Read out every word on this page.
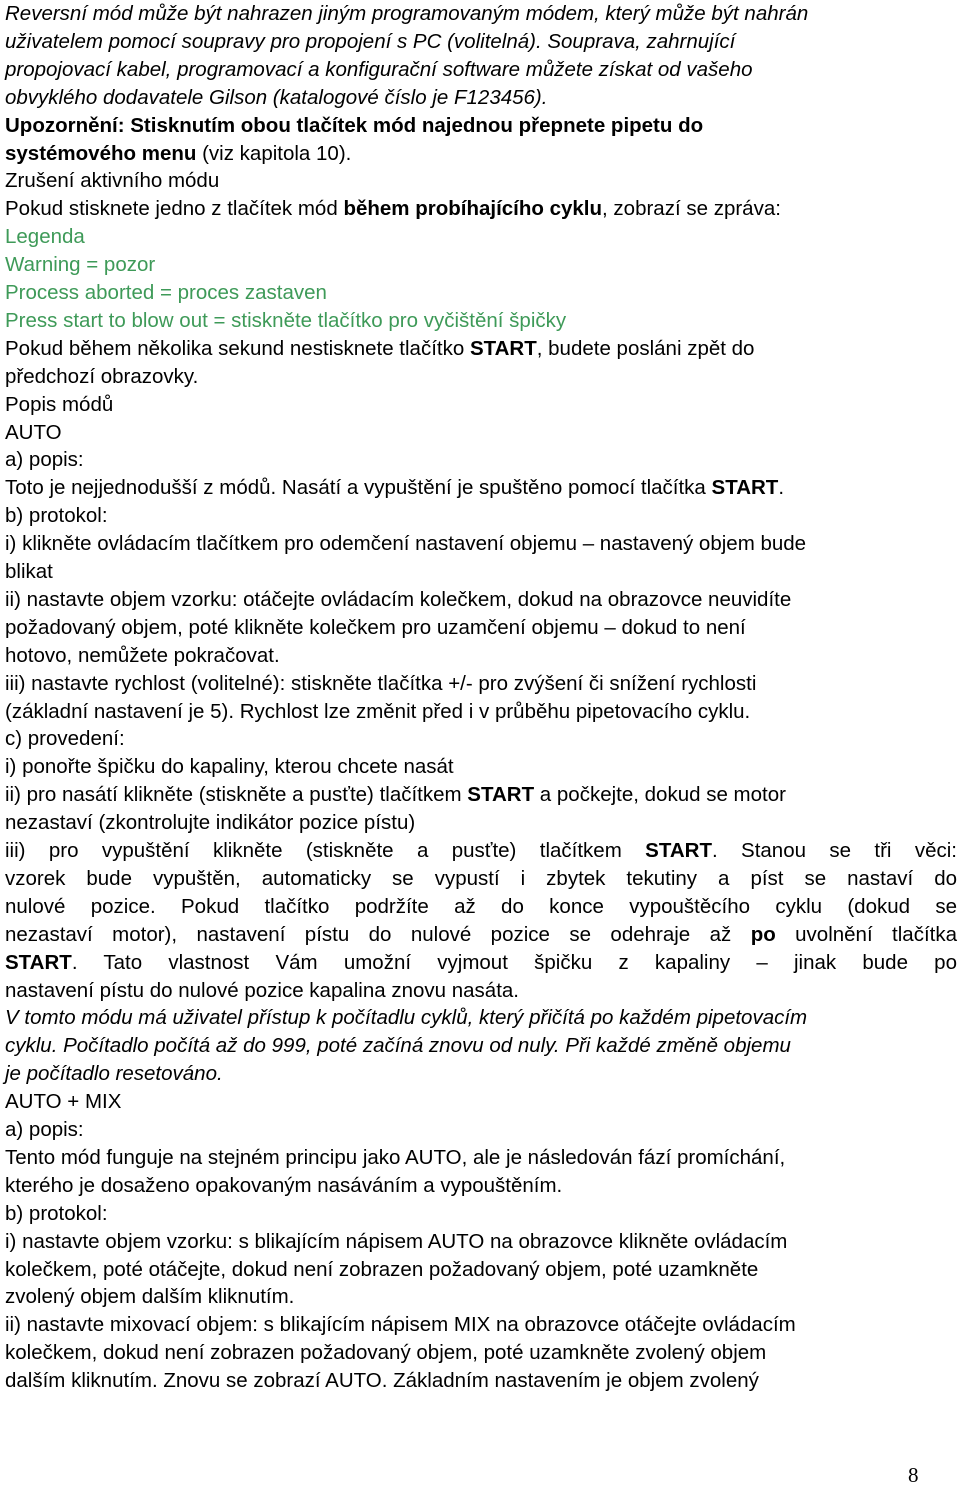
Reversní mód může být nahrazen jiným programovaným módem, který může být nahrán
uživatelem pomocí soupravy pro propojení s PC (volitelná). Souprava, zahrnující
propojovací kabel, programovací a konfigurační software můžete získat od vašeho
obvyklého dodavatele Gilson (katalogové číslo je F123456).
Upozornění: Stisknutím obou tlačítek mód najednou přepnete pipetu do
systémového menu (viz kapitola 10).
Zrušení aktivního módu
Pokud stisknete jedno z tlačítek mód během probíhajícího cyklu, zobrazí se zpráva:
Legenda
Warning = pozor
Process aborted = proces zastaven
Press start to blow out = stiskněte tlačítko pro vyčištění špičky
Pokud během několika sekund nestisknete tlačítko START, budete posláni zpět do
předchozí obrazovky.
Popis módů
AUTO
a) popis:
Toto je nejjednodušší z módů. Nasátí a vypuštění je spuštěno pomocí tlačítka START.
b) protokol:
i) klikněte ovládacím tlačítkem pro odemčení nastavení objemu – nastavený objem bude
blikat
ii) nastavte objem vzorku: otáčejte ovládacím kolečkem, dokud na obrazovce neuvidíte
požadovaný objem, poté klikněte kolečkem pro uzamčení objemu – dokud to není
hotovo, nemůžete pokračovat.
iii) nastavte rychlost (volitelné): stiskněte tlačítka +/- pro zvýšení či snížení rychlosti
(základní nastavení je 5). Rychlost lze změnit před i v průběhu pipetovacího cyklu.
c) provedení:
i) ponořte špičku do kapaliny, kterou chcete nasát
ii) pro nasátí klikněte (stiskněte a pusťte) tlačítkem START a počkejte, dokud se motor
nezastaví (zkontrolujte indikátor pozice pístu)
iii) pro vypuštění klikněte (stiskněte a pusťte) tlačítkem START. Stanou se tři věci:
vzorek bude vypuštěn, automaticky se vypustí i zbytek tekutiny a píst se nastaví do
nulové pozice. Pokud tlačítko podržíte až do konce vypouštěcího cyklu (dokud se
nezastaví motor), nastavení pístu do nulové pozice se odehraje až po uvolnění tlačítka
START. Tato vlastnost Vám umožní vyjmout špičku z kapaliny – jinak bude po
nastavení pístu do nulové pozice kapalina znovu nasáta.
V tomto módu má uživatel přístup k počítadlu cyklů, který přičítá po každém pipetovacím
cyklu. Počítadlo počítá až do 999, poté začíná znovu od nuly. Při každé změně objemu
je počítadlo resetováno.
AUTO + MIX
a) popis:
Tento mód funguje na stejném principu jako AUTO, ale je následován fází promíchání,
kterého je dosaženo opakovaným nasáváním a vypouštěním.
b) protokol:
i) nastavte objem vzorku: s blikajícím nápisem AUTO na obrazovce klikněte ovládacím
kolečkem, poté otáčejte, dokud není zobrazen požadovaný objem, poté uzamkněte
zvolený objem dalším kliknutím.
ii) nastavte mixovací objem: s blikajícím nápisem MIX na obrazovce otáčejte ovládacím
kolečkem, dokud není zobrazen požadovaný objem, poté uzamkněte zvolený objem
dalším kliknutím. Znovu se zobrazí AUTO. Základním nastavením je objem zvolený
8
